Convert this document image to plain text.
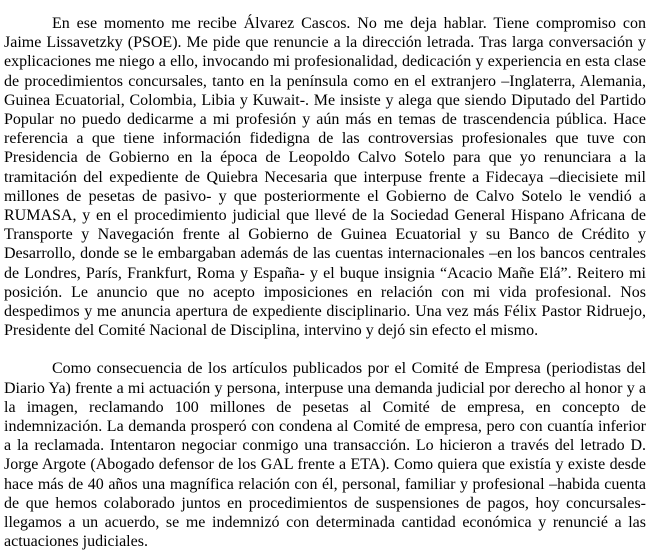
En ese momento me recibe Álvarez Cascos. No me deja hablar. Tiene compromiso con Jaime Lissavetzky (PSOE). Me pide que renuncie a la dirección letrada. Tras larga conversación y explicaciones me niego a ello, invocando mi profesionalidad, dedicación y experiencia en esta clase de procedimientos concursales, tanto en la península como en el extranjero –Inglaterra, Alemania, Guinea Ecuatorial, Colombia, Libia y Kuwait-. Me insiste y alega que siendo Diputado del Partido Popular no puedo dedicarme a mi profesión y aún más en temas de trascendencia pública. Hace referencia a que tiene información fidedigna de las controversias profesionales que tuve con Presidencia de Gobierno en la época de Leopoldo Calvo Sotelo para que yo renunciara a la tramitación del expediente de Quiebra Necesaria que interpuse frente a Fidecaya –diecisiete mil millones de pesetas de pasivo- y que posteriormente el Gobierno de Calvo Sotelo le vendió a RUMASA, y en el procedimiento judicial que llevé de la Sociedad General Hispano Africana de Transporte y Navegación frente al Gobierno de Guinea Ecuatorial y su Banco de Crédito y Desarrollo, donde se le embargaban además de las cuentas internacionales –en los bancos centrales de Londres, París, Frankfurt, Roma y España- y el buque insignia “Acacio Mañe Elá”. Reitero mi posición. Le anuncio que no acepto imposiciones en relación con mi vida profesional. Nos despedimos y me anuncia apertura de expediente disciplinario. Una vez más Félix Pastor Ridruejo, Presidente del Comité Nacional de Disciplina, intervino y dejó sin efecto el mismo.

Como consecuencia de los artículos publicados por el Comité de Empresa (periodistas del Diario Ya) frente a mi actuación y persona, interpuse una demanda judicial por derecho al honor y a la imagen, reclamando 100 millones de pesetas al Comité de empresa, en concepto de indemnización. La demanda prosperó con condena al Comité de empresa, pero con cuantía inferior a la reclamada. Intentaron negociar conmigo una transacción. Lo hicieron a través del letrado D. Jorge Argote (Abogado defensor de los GAL frente a ETA). Como quiera que existía y existe desde hace más de 40 años una magnífica relación con él, personal, familiar y profesional –habida cuenta de que hemos colaborado juntos en procedimientos de suspensiones de pagos, hoy concursales- llegamos a un acuerdo, se me indemnizó con determinada cantidad económica y renuncié a las actuaciones judiciales.
